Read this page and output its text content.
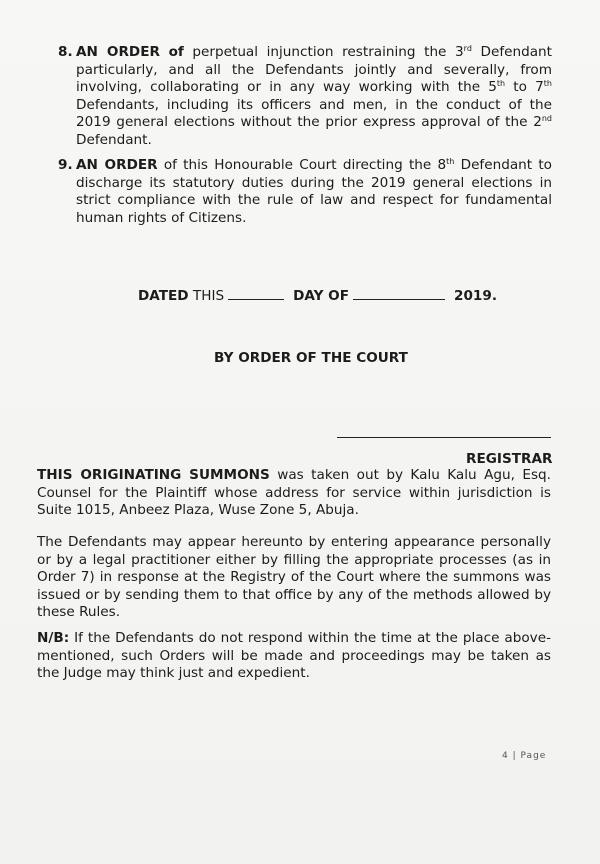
8. AN ORDER of perpetual injunction restraining the 3rd Defendant particularly, and all the Defendants jointly and severally, from involving, collaborating or in any way working with the 5th to 7th Defendants, including its officers and men, in the conduct of the 2019 general elections without the prior express approval of the 2nd Defendant.
9. AN ORDER of this Honourable Court directing the 8th Defendant to discharge its statutory duties during the 2019 general elections in strict compliance with the rule of law and respect for fundamental human rights of Citizens.
DATED THIS	DAY OF	2019.
BY ORDER OF THE COURT
REGISTRAR
THIS ORIGINATING SUMMONS was taken out by Kalu Kalu Agu, Esq. Counsel for the Plaintiff whose address for service within jurisdiction is Suite 1015, Anbeez Plaza, Wuse Zone 5, Abuja.
The Defendants may appear hereunto by entering appearance personally or by a legal practitioner either by filling the appropriate processes (as in Order 7) in response at the Registry of the Court where the summons was issued or by sending them to that office by any of the methods allowed by these Rules.
N/B: If the Defendants do not respond within the time at the place above-mentioned, such Orders will be made and proceedings may be taken as the Judge may think just and expedient.
4 | Page
